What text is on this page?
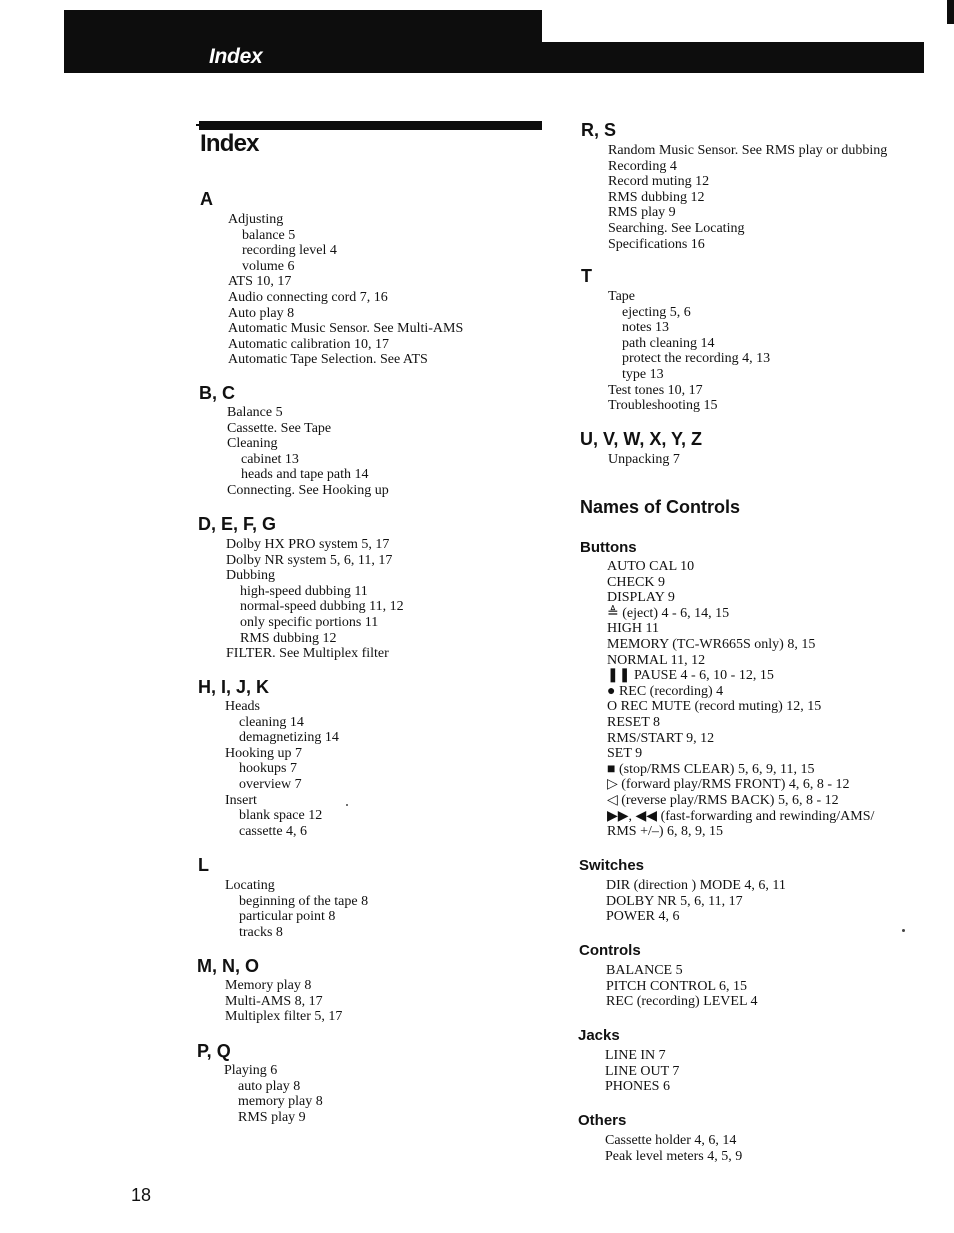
Index
Index
A
Adjusting
balance 5
recording level 4
volume 6
ATS 10, 17
Audio connecting cord 7, 16
Auto play 8
Automatic Music Sensor. See Multi-AMS
Automatic calibration 10, 17
Automatic Tape Selection. See ATS
B, C
Balance 5
Cassette. See Tape
Cleaning
cabinet 13
heads and tape path 14
Connecting. See Hooking up
D, E, F, G
Dolby HX PRO system 5, 17
Dolby NR system 5, 6, 11, 17
Dubbing
high-speed dubbing 11
normal-speed dubbing 11, 12
only specific portions 11
RMS dubbing 12
FILTER. See Multiplex filter
H, I, J, K
Heads
cleaning 14
demagnetizing 14
Hooking up 7
hookups 7
overview 7
Insert
blank space 12
cassette 4, 6
L
Locating
beginning of the tape 8
particular point 8
tracks 8
M, N, O
Memory play 8
Multi-AMS 8, 17
Multiplex filter 5, 17
P, Q
Playing 6
auto play 8
memory play 8
RMS play 9
R, S
Random Music Sensor. See RMS play or dubbing
Recording 4
Record muting 12
RMS dubbing 12
RMS play 9
Searching. See Locating
Specifications 16
T
Tape
ejecting 5, 6
notes 13
path cleaning 14
protect the recording 4, 13
type 13
Test tones 10, 17
Troubleshooting 15
U, V, W, X, Y, Z
Unpacking 7
Names of Controls
Buttons
AUTO CAL 10
CHECK 9
DISPLAY 9
≜ (eject) 4 - 6, 14, 15
HIGH 11
MEMORY (TC-WR665S only) 8, 15
NORMAL 11, 12
❚❚ PAUSE 4 - 6, 10 - 12, 15
● REC (recording) 4
O REC MUTE (record muting) 12, 15
RESET 8
RMS/START 9, 12
SET 9
■ (stop/RMS CLEAR) 5, 6, 9, 11, 15
▷ (forward play/RMS FRONT) 4, 6, 8 - 12
◁ (reverse play/RMS BACK) 5, 6, 8 - 12
▶▶, ◀◀ (fast-forwarding and rewinding/AMS/
RMS +/–) 6, 8, 9, 15
Switches
DIR (direction ) MODE 4, 6, 11
DOLBY NR 5, 6, 11, 17
POWER 4, 6
Controls
BALANCE 5
PITCH CONTROL 6, 15
REC (recording) LEVEL 4
Jacks
LINE IN 7
LINE OUT 7
PHONES 6
Others
Cassette holder 4, 6, 14
Peak level meters 4, 5, 9
18
